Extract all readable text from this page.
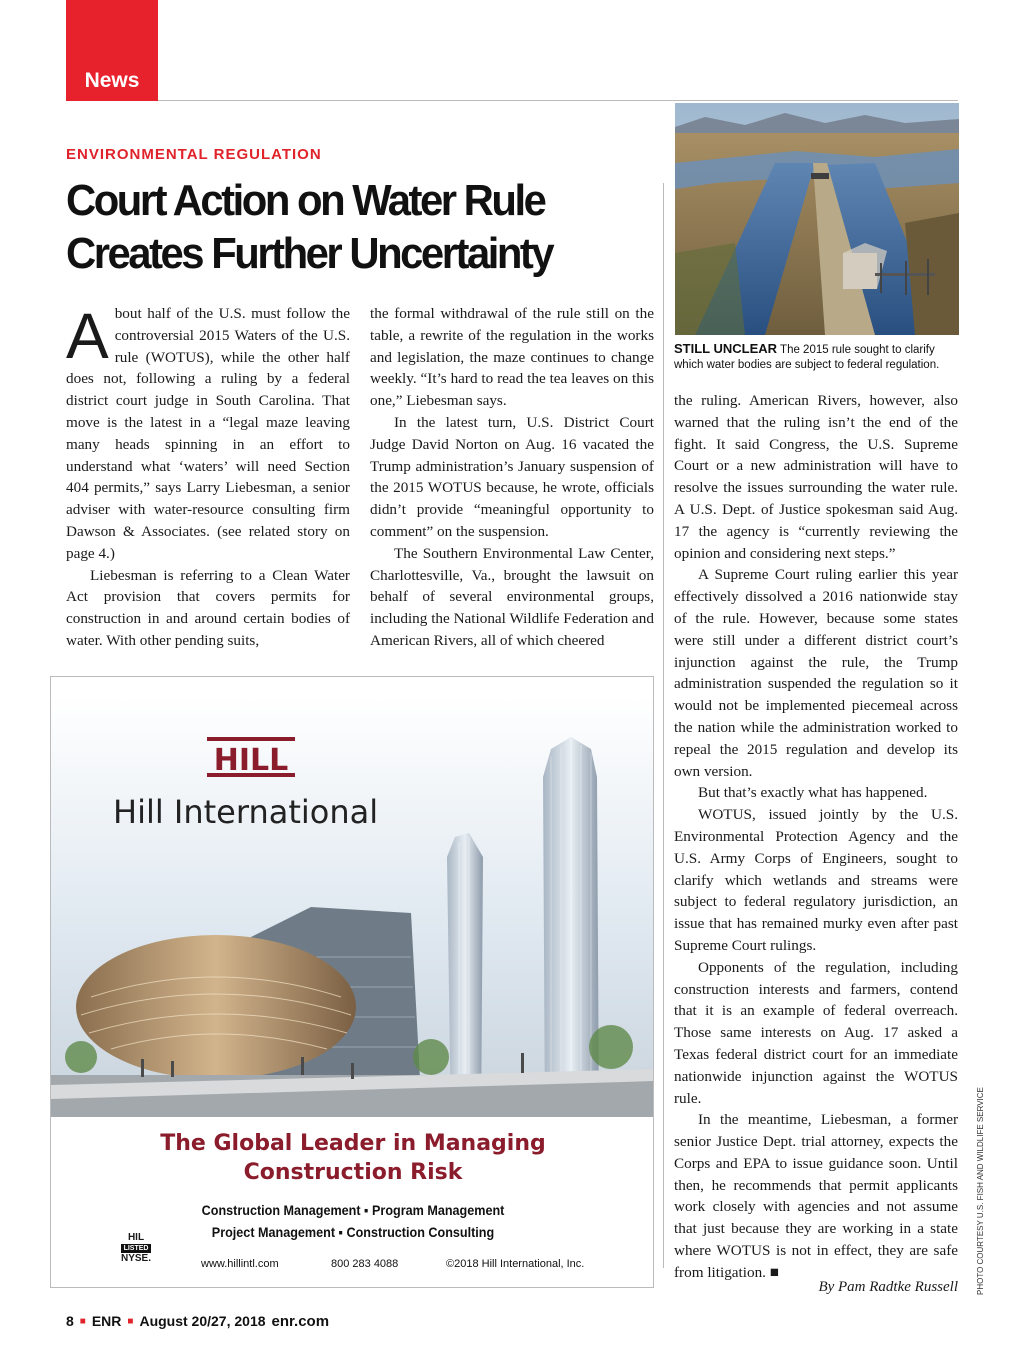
News
ENVIRONMENTAL REGULATION
Court Action on Water Rule
Creates Further Uncertainty

About half of the U.S. must follow the controversial 2015 Waters of the U.S. rule (WOTUS), while the other half does not, following a ruling by a federal district court judge in South Carolina. That move is the latest in a “legal maze leaving many heads spinning in an effort to understand what ‘waters’ will need Section 404 permits,” says Larry Liebesman, a senior adviser with water-resource consulting firm Dawson & Associates. (see related story on page 4.)

Liebesman is referring to a Clean Water Act provision that covers permits for construction in and around certain bodies of water. With other pending suits,

the formal withdrawal of the rule still on the table, a rewrite of the regulation in the works and legislation, the maze continues to change weekly. “It’s hard to read the tea leaves on this one,” Liebesman says.

In the latest turn, U.S. District Court Judge David Norton on Aug. 16 vacated the Trump administration’s January suspension of the 2015 WOTUS because, he wrote, officials didn’t provide “meaningful opportunity to comment” on the suspension.

The Southern Environmental Law Center, Charlottesville, Va., brought the lawsuit on behalf of several environmental groups, including the National Wildlife Federation and American Rivers, all of which cheered

STILL UNCLEAR The 2015 rule sought to clarify which water bodies are subject to federal regulation.
PHOTO COURTESY U.S. FISH AND WILDLIFE SERVICE

the ruling. American Rivers, however, also warned that the ruling isn’t the end of the fight. It said Congress, the U.S. Supreme Court or a new administration will have to resolve the issues surrounding the water rule. A U.S. Dept. of Justice spokesman said Aug. 17 the agency is “currently reviewing the opinion and considering next steps.”

A Supreme Court ruling earlier this year effectively dissolved a 2016 nationwide stay of the rule. However, because some states were still under a different district court’s injunction against the rule, the Trump administration suspended the regulation so it would not be implemented piecemeal across the nation while the administration worked to repeal the 2015 regulation and develop its own version.

But that’s exactly what has happened.

WOTUS, issued jointly by the U.S. Environmental Protection Agency and the U.S. Army Corps of Engineers, sought to clarify which wetlands and streams were subject to federal regulatory jurisdiction, an issue that has remained murky even after past Supreme Court rulings.

Opponents of the regulation, including construction interests and farmers, contend that it is an example of federal overreach. Those same interests on Aug. 17 asked a Texas federal district court for an immediate nationwide injunction against the WOTUS rule.

In the meantime, Liebesman, a former senior Justice Dept. trial attorney, expects the Corps and EPA to issue guidance soon. Until then, he recommends that permit applicants work closely with agencies and not assume that just because they are working in a state where WOTUS is not in effect, they are safe from litigation. ■

By Pam Radtke Russell
HILL
Hill International
The Global Leader in Managing
Construction Risk
Construction Management ▪ Program Management
Project Management ▪ Construction Consulting
HIL
LISTED
NYSE.	www.hillintl.com	800 283 4088	©2018 Hill International, Inc.
8 ■ ENR ■ August 20/27, 2018 enr.com
